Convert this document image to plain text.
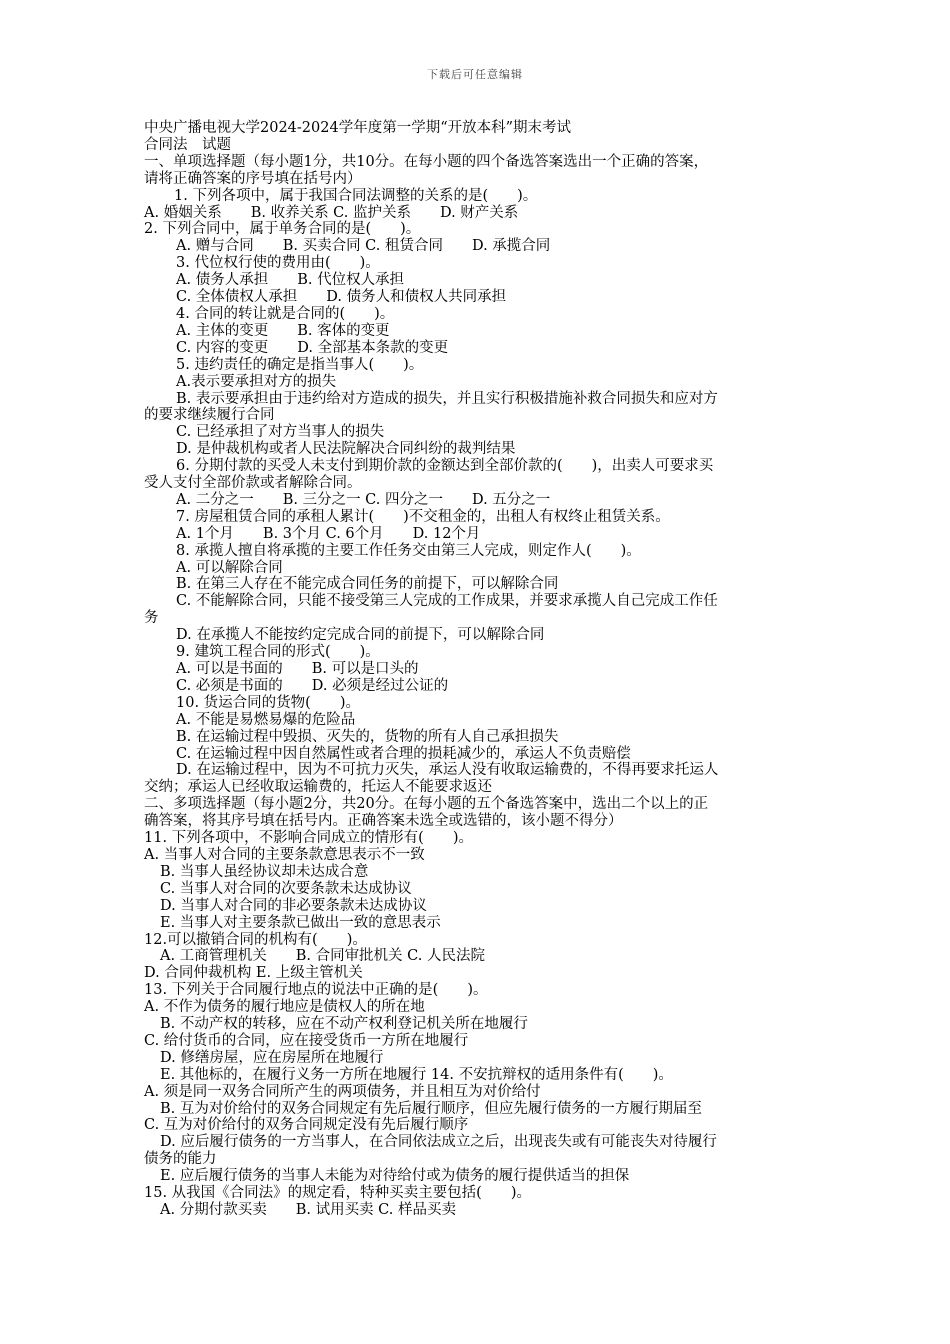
下载后可任意编辑
中央广播电视大学2024-2024学年度第一学期“开放本科”期末考试
合同法　试题
一、单项选择题（每小题1分，共10分。在每小题的四个备选答案选出一个正确的答案，
请将正确答案的序号填在括号内）
1. 下列各项中，属于我国合同法调整的关系的是(　　)。
A. 婚姻关系　　B. 收养关系 C. 监护关系　　D. 财产关系
2. 下列合同中，属于单务合同的是(　　)。
A. 赠与合同　　B. 买卖合同 C. 租赁合同　　D. 承揽合同
3. 代位权行使的费用由(　　)。
A. 债务人承担　　B. 代位权人承担
C. 全体债权人承担　　D. 债务人和债权人共同承担
4. 合同的转让就是合同的(　　)。
A. 主体的变更　　B. 客体的变更
C. 内容的变更　　D. 全部基本条款的变更
5. 违约责任的确定是指当事人(　　)。
A.表示要承担对方的损失
B. 表示要承担由于违约给对方造成的损失，并且实行积极措施补救合同损失和应对方
的要求继续履行合同
C. 已经承担了对方当事人的损失
D. 是仲裁机构或者人民法院解决合同纠纷的裁判结果
6. 分期付款的买受人未支付到期价款的金额达到全部价款的(　　)，出卖人可要求买
受人支付全部价款或者解除合同。
A. 二分之一　　B. 三分之一 C. 四分之一　　D. 五分之一
7. 房屋租赁合同的承租人累计(　　)不交租金的，出租人有权终止租赁关系。
A. 1个月　　B. 3个月 C. 6个月　　D. 12个月
8. 承揽人擅自将承揽的主要工作任务交由第三人完成，则定作人(　　)。
A. 可以解除合同
B. 在第三人存在不能完成合同任务的前提下，可以解除合同
C. 不能解除合同，只能不接受第三人完成的工作成果，并要求承揽人自己完成工作任
务
D. 在承揽人不能按约定完成合同的前提下，可以解除合同
9. 建筑工程合同的形式(　　)。
A. 可以是书面的　　B. 可以是口头的
C. 必须是书面的　　D. 必须是经过公证的
10. 货运合同的货物(　　)。
A. 不能是易燃易爆的危险品
B. 在运输过程中毁损、灭失的，货物的所有人自己承担损失
C. 在运输过程中因自然属性或者合理的损耗减少的，承运人不负责赔偿
D. 在运输过程中，因为不可抗力灭失，承运人没有收取运输费的，不得再要求托运人
交纳；承运人已经收取运输费的，托运人不能要求返还
二、多项选择题（每小题2分，共20分。在每小题的五个备选答案中，选出二个以上的正
确答案，将其序号填在括号内。正确答案未选全或选错的，该小题不得分）
11. 下列各项中，不影响合同成立的情形有(　　)。
A. 当事人对合同的主要条款意思表示不一致
B. 当事人虽经协议却未达成合意
C. 当事人对合同的次要条款未达成协议
D. 当事人对合同的非必要条款未达成协议
E. 当事人对主要条款已做出一致的意思表示
12.可以撤销合同的机构有(　　)。
A. 工商管理机关　　B. 合同审批机关 C. 人民法院
D. 合同仲裁机构 E. 上级主管机关
13. 下列关于合同履行地点的说法中正确的是(　　)。
A. 不作为债务的履行地应是债权人的所在地
B. 不动产权的转移，应在不动产权利登记机关所在地履行
C. 给付货币的合同，应在接受货币一方所在地履行
D. 修缮房屋，应在房屋所在地履行
E. 其他标的，在履行义务一方所在地履行 14. 不安抗辩权的适用条件有(　　)。
A. 须是同一双务合同所产生的两项债务，并且相互为对价给付
B. 互为对价给付的双务合同规定有先后履行顺序，但应先履行债务的一方履行期届至
C. 互为对价给付的双务合同规定没有先后履行顺序
D. 应后履行债务的一方当事人，在合同依法成立之后，出现丧失或有可能丧失对待履行
债务的能力
E. 应后履行债务的当事人未能为对待给付或为债务的履行提供适当的担保
15. 从我国《合同法》的规定看，特种买卖主要包括(　　)。
A. 分期付款买卖　　B. 试用买卖 C. 样品买卖
